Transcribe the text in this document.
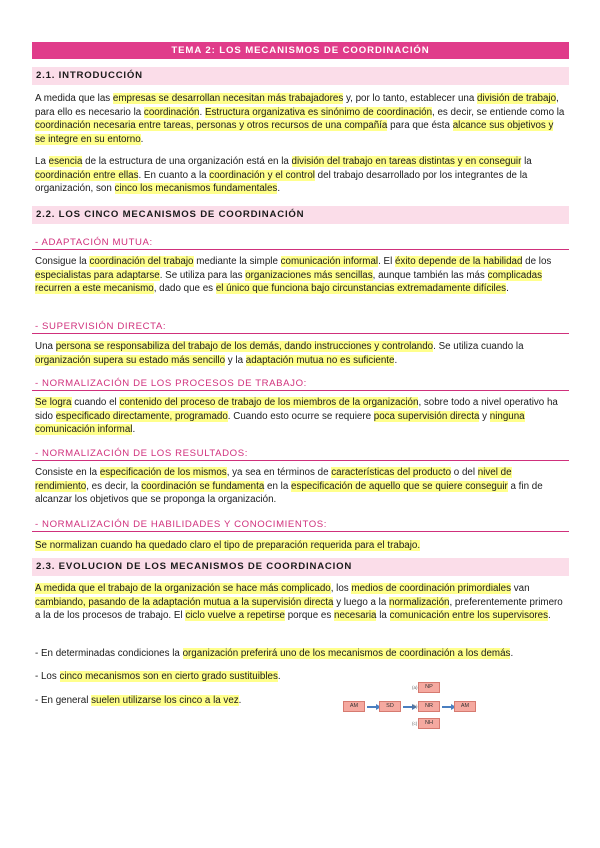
TEMA 2: LOS MECANISMOS DE COORDINACIÓN
2.1. INTRODUCCIÓN

A medida que las empresas se desarrollan necesitan más trabajadores y, por lo tanto, establecer una división de trabajo, para ello es necesario la coordinación. Estructura organizativa es sinónimo de coordinación, es decir, se entiende como la coordinación necesaria entre tareas, personas y otros recursos de una compañía para que ésta alcance sus objetivos y se integre en su entorno.

La esencia de la estructura de una organización está en la división del trabajo en tareas distintas y en conseguir la coordinación entre ellas. En cuanto a la coordinación y el control del trabajo desarrollado por los integrantes de la organización, son cinco los mecanismos fundamentales.

2.2. LOS CINCO MECANISMOS DE COORDINACIÓN
- ADAPTACIÓN MUTUA:

Consigue la coordinación del trabajo mediante la simple comunicación informal. El éxito depende de la habilidad de los especialistas para adaptarse. Se utiliza para las organizaciones más sencillas, aunque también las más complicadas recurren a este mecanismo, dado que es el único que funciona bajo circunstancias extremadamente difíciles.

- SUPERVISIÓN DIRECTA:

Una persona se responsabiliza del trabajo de los demás, dando instrucciones y controlando. Se utiliza cuando la organización supera su estado más sencillo y la adaptación mutua no es suficiente.

- NORMALIZACIÓN DE LOS PROCESOS DE TRABAJO:

Se logra cuando el contenido del proceso de trabajo de los miembros de la organización, sobre todo a nivel operativo ha sido especificado directamente, programado. Cuando esto ocurre se requiere poca supervisión directa y ninguna comunicación informal.

- NORMALIZACIÓN DE LOS RESULTADOS:

Consiste en la especificación de los mismos, ya sea en términos de características del producto o del nivel de rendimiento, es decir, la coordinación se fundamenta en la especificación de aquello que se quiere conseguir a fin de alcanzar los objetivos que se proponga la organización.

- NORMALIZACIÓN DE HABILIDADES Y CONOCIMIENTOS:

Se normalizan cuando ha quedado claro el tipo de preparación requerida para el trabajo.

2.3. EVOLUCION DE LOS MECANISMOS DE COORDINACION

A medida que el trabajo de la organización se hace más complicado, los medios de coordinación primordiales van cambiando, pasando de la adaptación mutua a la supervisión directa y luego a la normalización, preferentemente primero a la de los procesos de trabajo. El ciclo vuelve a repetirse porque es necesaria la comunicación entre los supervisores.

- En determinadas condiciones la organización preferirá uno de los mecanismos de coordinación a los demás.

- Los cinco mecanismos son en cierto grado sustituibles.

- En general suelen utilizarse los cinco a la vez.	AM	SD
(a)	NP
(b)	NR
(c)	NH
AM
